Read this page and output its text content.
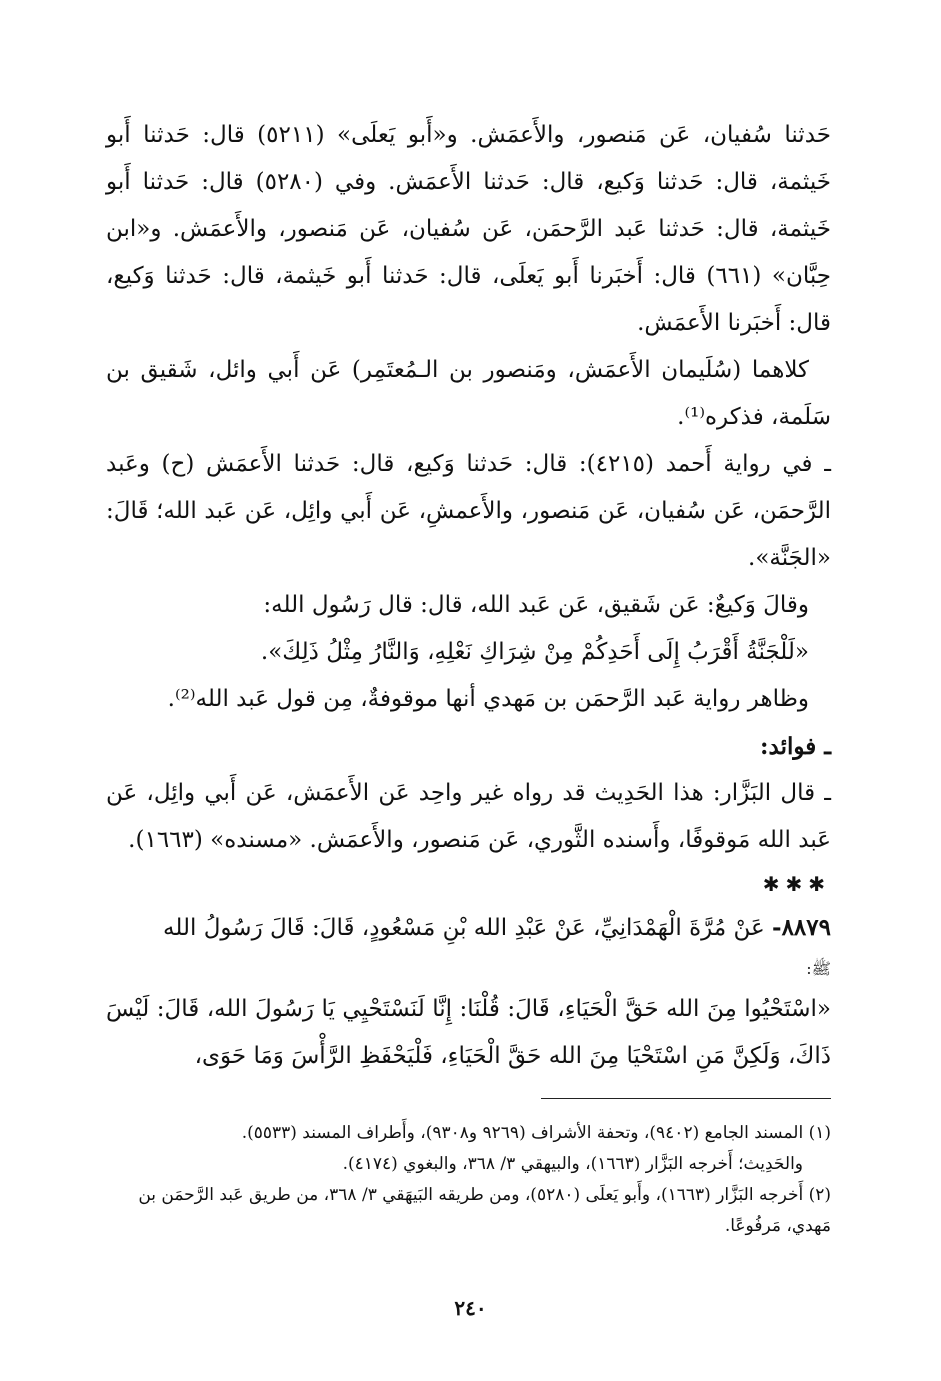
حَدثنا سُفيان، عَن مَنصور، والأَعمَش. و«أَبو يَعلَى» (٥٢١١) قال: حَدثنا أَبو خَيثمة، قال: حَدثنا وَكيع، قال: حَدثنا الأَعمَش. وفي (٥٢٨٠) قال: حَدثنا أَبو خَيثمة، قال: حَدثنا عَبد الرَّحمَن، عَن سُفيان، عَن مَنصور، والأَعمَش. و«ابن حِبَّان» (٦٦١) قال: أَخبَرنا أَبو يَعلَى، قال: حَدثنا أَبو خَيثمة، قال: حَدثنا وَكيع، قال: أَخبَرنا الأَعمَش.

كلاهما (سُلَيمان الأَعمَش، ومَنصور بن الـمُعتَمِر) عَن أَبي وائل، شَقيق بن سَلَمة، فذكره⁽¹⁾.

ـ في رواية أَحمد (٤٢١٥): قال: حَدثنا وَكيع، قال: حَدثنا الأَعمَش (ح) وعَبد الرَّحمَن، عَن سُفيان، عَن مَنصور، والأَعمشِ، عَن أَبي وائِل، عَن عَبد الله؛ قَالَ: «الجَنَّة».

وقالَ وَكيعٌ: عَن شَقيق، عَن عَبد الله، قال: قال رَسُول الله:

«لَلْجَنَّةُ أَقْرَبُ إِلَى أَحَدِكُمْ مِنْ شِرَاكِ نَعْلِهِ، وَالنَّارُ مِثْلُ ذَلِكَ».

وظاهر رواية عَبد الرَّحمَن بن مَهدي أنها موقوفةٌ، مِن قول عَبد الله⁽²⁾.

ـ فوائد:

ـ قال البَزَّار: هذا الحَدِيث قد رواه غير واحِد عَن الأَعمَش، عَن أَبي وائِل، عَن عَبد الله مَوقوفًا، وأَسنده الثَّوري، عَن مَنصور، والأَعمَش. «مسنده» (١٦٦٣).

✱✱✱

٨٨٧٩- عَنْ مُرَّةَ الْهَمْدَانِيِّ، عَنْ عَبْدِ الله بْنِ مَسْعُودٍ، قَالَ: قَالَ رَسُولُ الله

ﷺ:

«اسْتَحْيُوا مِنَ الله حَقَّ الْحَيَاءِ، قَالَ: قُلْنَا: إِنَّا لَنَسْتَحْيِي يَا رَسُولَ الله، قَالَ: لَيْسَ ذَاكَ، وَلَكِنَّ مَنِ اسْتَحْيَا مِنَ الله حَقَّ الْحَيَاءِ، فَلْيَحْفَظِ الرَّأْسَ وَمَا حَوَى،

(١) المسند الجامع (٩٤٠٢)، وتحفة الأشراف (٩٢٦٩ و٩٣٠٨)، وأَطراف المسند (٥٥٣٣).

والحَدِيث؛ أَخرجه البَزَّار (١٦٦٣)، والبيهقي ٣/ ٣٦٨، والبغوي (٤١٧٤).

(٢) أَخرجه البَزَّار (١٦٦٣)، وأَبو يَعلَى (٥٢٨٠)، ومن طريقه البَيهَقي ٣/ ٣٦٨، من طريق عَبد الرَّحمَن بن مَهدي، مَرفُوعًا.

٢٤٠
